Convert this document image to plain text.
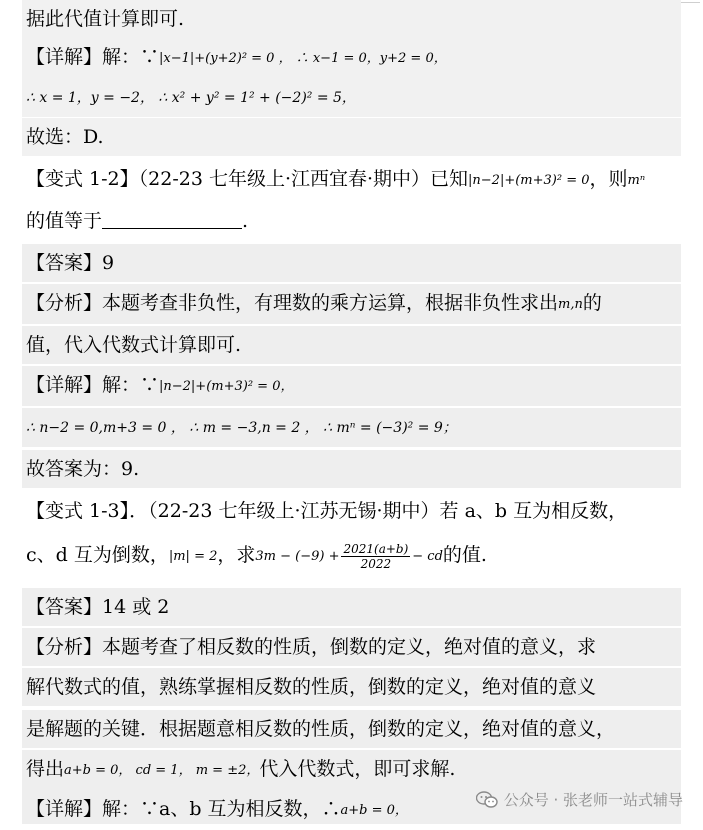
据此代值计算即可.
【详解】解：∵|x−1|+(y+2)² = 0 ， ∴ x−1 = 0，y+2 = 0，
∴ x = 1，y = −2， ∴ x² + y² = 1² + (−2)² = 5，
故选：D.
【变式 1-2】（22-23 七年级上·江西宜春·期中）已知|n−2|+(m+3)² = 0，则mⁿ
的值等于	.
【答案】9
【分析】本题考查非负性，有理数的乘方运算，根据非负性求出m,n的
值，代入代数式计算即可.
【详解】解：∵|n−2|+(m+3)² = 0，
∴ n−2 = 0,m+3 = 0 ， ∴ m = −3,n = 2 ， ∴ mⁿ = (−3)² = 9；
故答案为：9.
【变式 1-3】．（22-23 七年级上·江苏无锡·期中）若 a、b 互为相反数，
c、d 互为倒数，|m| = 2，求$3m - (-9) + \frac{2021(a+b)}{2022}$ − cd的值.
【答案】14 或 2
【分析】本题考查了相反数的性质，倒数的定义，绝对值的意义，求
解代数式的值，熟练掌握相反数的性质，倒数的定义，绝对值的意义
是解题的关键．根据题意相反数的性质，倒数的定义，绝对值的意义，
得出a+b = 0， cd = 1， m = ±2，代入代数式，即可求解.
【详解】解：∵a、b 互为相反数，∴a+b = 0，
公众号 · 张老师一站式辅导
